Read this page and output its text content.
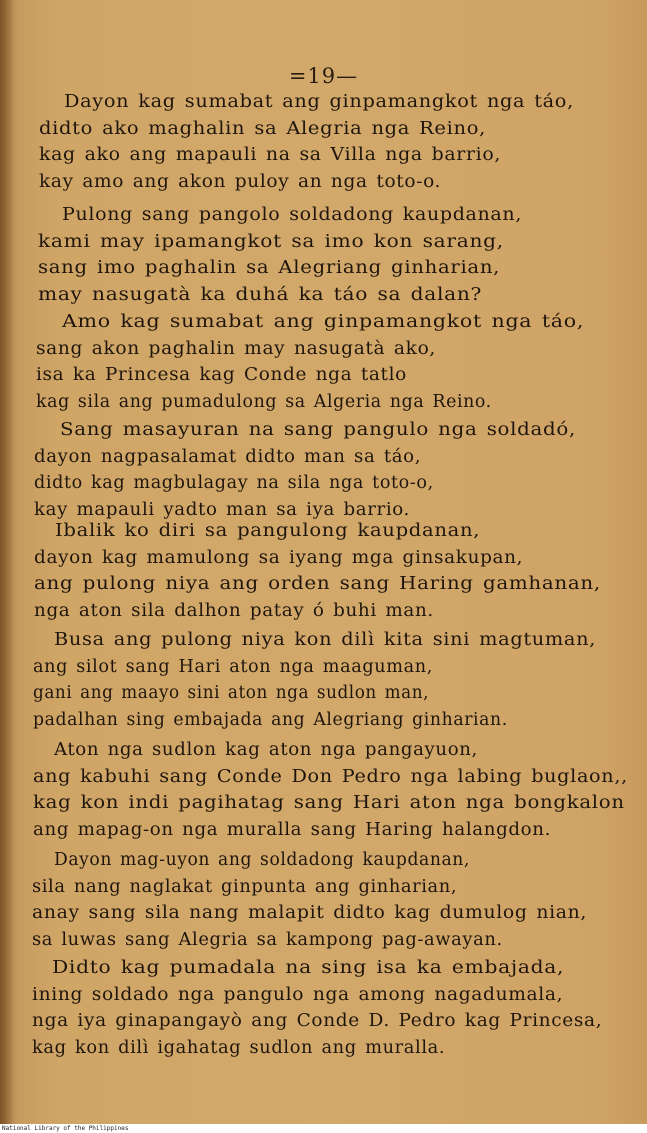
=19—
Dayon kag sumabat ang ginpamangkot nga táo,
didto ako maghalin sa Alegria nga Reino,
kag ako ang mapauli na sa Villa nga barrio,
kay amo ang akon puloy an nga toto-o.
Pulong sang pangolo soldadong kaupdanan,
kami may ipamangkot sa imo kon sarang,
sang imo paghalin sa Alegriang ginharian,
may nasugatà ka duhá ka táo sa dalan?
Amo kag sumabat ang ginpamangkot nga táo,
sang akon paghalin may nasugatà ako,
isa ka Princesa kag Conde nga tatlo
kag sila ang pumadulong sa Algeria nga Reino.
Sang masayuran na sang pangulo nga soldadó,
dayon nagpasalamat didto man sa táo,
didto kag magbulagay na sila nga toto-o,
kay mapauli yadto man sa iya barrio.
Ibalik ko diri sa pangulong kaupdanan,
dayon kag mamulong sa iyang mga ginsakupan,
ang pulong niya ang orden sang Haring gamhanan,
nga aton sila dalhon patay ó buhi man.
Busa ang pulong niya kon dilì kita sini magtuman,
ang silot sang Hari aton nga maaguman,
gani ang maayo sini aton nga sudlon man,
padalhan sing embajada ang Alegriang ginharian.
Aton nga sudlon kag aton nga pangayuon,
ang kabuhi sang Conde Don Pedro nga labing buglaon,,
kag kon indi pagihatag sang Hari aton nga bongkalon
ang mapag-on nga muralla sang Haring halangdon.
Dayon mag-uyon ang soldadong kaupdanan,
sila nang naglakat ginpunta ang ginharian,
anay sang sila nang malapit didto kag dumulog nian,
sa luwas sang Alegria sa kampong pag-awayan.
Didto kag pumadala na sing isa ka embajada,
ining soldado nga pangulo nga among nagadumala,
nga iya ginapangayò ang Conde D. Pedro kag Princesa,
kag kon dilì igahatag sudlon ang muralla.
National Library of the Philippines
